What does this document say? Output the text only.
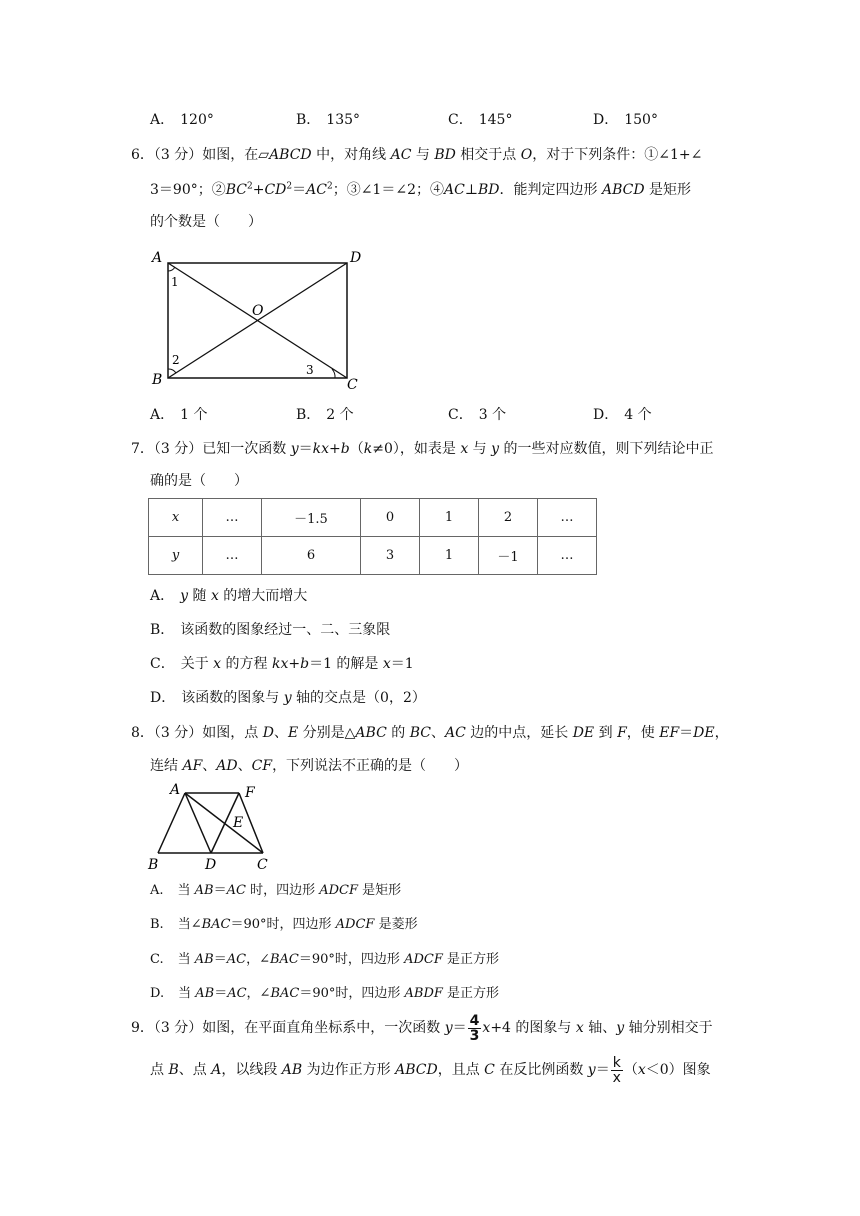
A． 120°	B． 135°	C． 145°	D． 150°
6．（3 分）如图，在▱ABCD 中，对角线 AC 与 BD 相交于点 O，对于下列条件：①∠1+∠
3＝90°；$②BC^2+CD^2=AC^2$；③∠1＝∠2；④AC⊥BD．能判定四边形 ABCD 是矩形
的个数是（　　）
A	D
B	C
O
1
2
3
A． 1 个	B． 2 个	C． 3 个	D． 4 个
7．（3 分）已知一次函数 y＝kx+b（k≠0），如表是 x 与 y 的一些对应数值，则下列结论中正
确的是（　　）
x	…	－1.5	0	1	2	…
y	…	6	3	1	－1	…
A． y 随 x 的增大而增大
B． 该函数的图象经过一、二、三象限
C． 关于 x 的方程 kx+b＝1 的解是 x＝1
D． 该函数的图象与 y 轴的交点是（0，2）
8．（3 分）如图，点 D、E 分别是△ABC 的 BC、AC 边的中点，延长 DE 到 F，使 EF＝DE，
连结 AF、AD、CF，下列说法不正确的是（　　）
A	F
E
B	D	C
A. 当 AB＝AC 时，四边形 ADCF 是矩形
B. 当∠BAC＝90°时，四边形 ADCF 是菱形
C. 当 AB＝AC，∠BAC＝90°时，四边形 ADCF 是正方形
D. 当 AB＝AC，∠BAC＝90°时，四边形 ABDF 是正方形
9．（3 分）如图，在平面直角坐标系中，一次函数 $y= \frac{4}{3} x+4$ 的图象与 x 轴、y 轴分别相交于
点 B、点 A，以线段 AB 为边作正方形 ABCD，且点 C 在反比例函数 $y= \frac{k}{x} (x<0)$图象
